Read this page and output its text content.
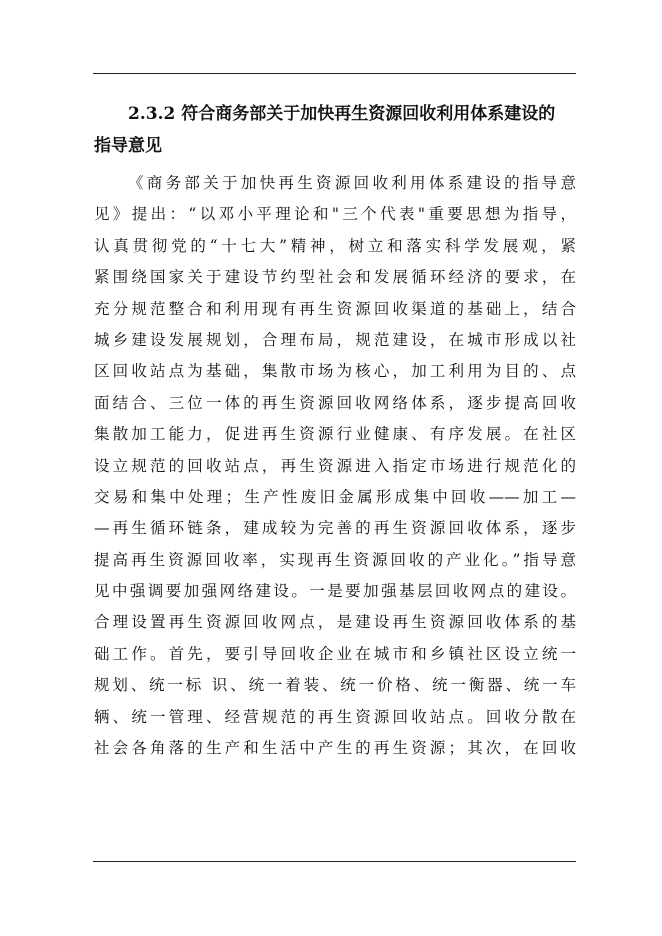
2.3.2 符合商务部关于加快再生资源回收利用体系建设的
指导意见
《商务部关于加快再生资源回收利用体系建设的指导意
见》提出：“以邓小平理论和"三个代表"重要思想为指导，
认真贯彻党的“十七大”精神，树立和落实科学发展观，紧
紧围绕国家关于建设节约型社会和发展循环经济的要求，在
充分规范整合和利用现有再生资源回收渠道的基础上，结合
城乡建设发展规划，合理布局，规范建设，在城市形成以社
区回收站点为基础，集散市场为核心，加工利用为目的、点
面结合、三位一体的再生资源回收网络体系，逐步提高回收
集散加工能力，促进再生资源行业健康、有序发展。在社区
设立规范的回收站点，再生资源进入指定市场进行规范化的
交易和集中处理；生产性废旧金属形成集中回收——加工—
—再生循环链条，建成较为完善的再生资源回收体系，逐步
提高再生资源回收率，实现再生资源回收的产业化。”指导意
见中强调要加强网络建设。一是要加强基层回收网点的建设。
合理设置再生资源回收网点，是建设再生资源回收体系的基
础工作。首先，要引导回收企业在城市和乡镇社区设立统一
规划、统一标 识、统一着装、统一价格、统一衡器、统一车
辆、统一管理、经营规范的再生资源回收站点。回收分散在
社会各角落的生产和生活中产生的再生资源；其次，在回收
